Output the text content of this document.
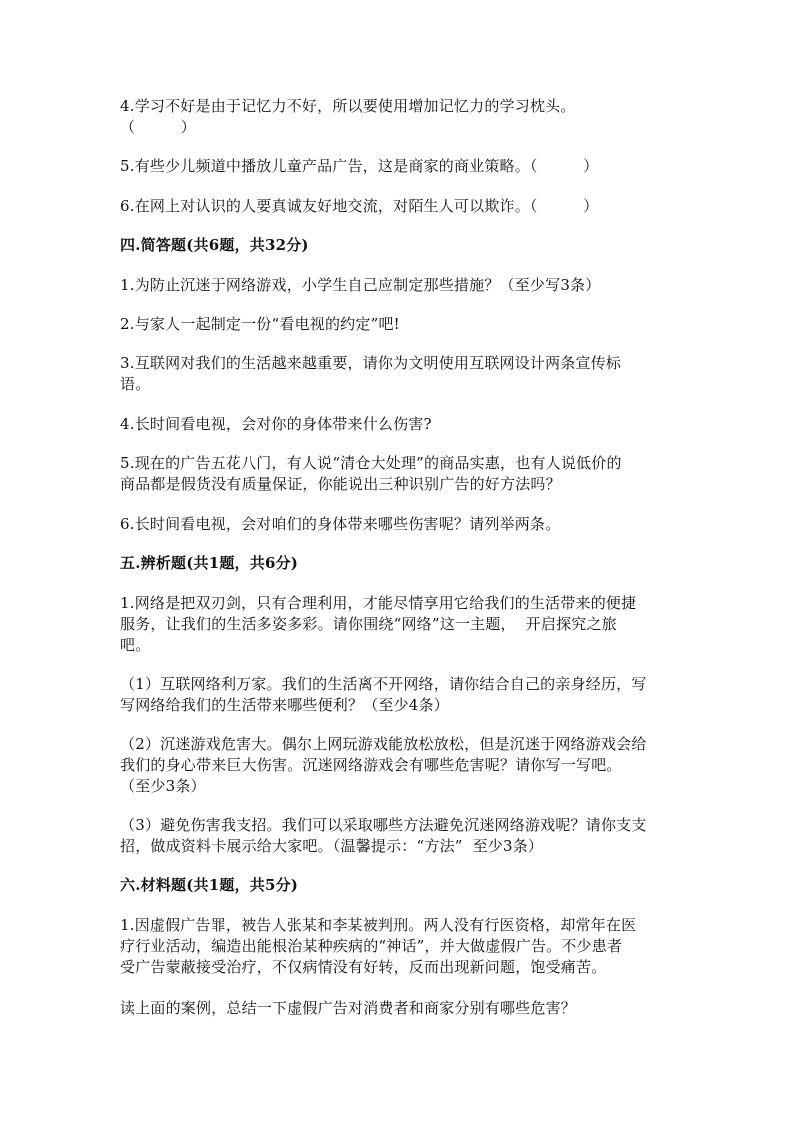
4.学习不好是由于记忆力不好，所以要使用增加记忆力的学习枕头。
（　　　）
5.有些少儿频道中播放儿童产品广告，这是商家的商业策略。（　　　）
6.在网上对认识的人要真诚友好地交流，对陌生人可以欺诈。（　　　）
四.简答题(共6题，共32分)
1.为防止沉迷于网络游戏，小学生自己应制定那些措施？（至少写3条）
2.与家人一起制定一份“看电视的约定”吧!
3.互联网对我们的生活越来越重要，请你为文明使用互联网设计两条宣传标
语。
4.长时间看电视，会对你的身体带来什么伤害?
5.现在的广告五花八门，有人说“清仓大处理”的商品实惠，也有人说低价的
商品都是假货没有质量保证，你能说出三种识别广告的好方法吗？
6.长时间看电视，会对咱们的身体带来哪些伤害呢？请列举两条。
五.辨析题(共1题，共6分)
1.网络是把双刃剑，只有合理利用，才能尽情享用它给我们的生活带来的便捷
服务，让我们的生活多姿多彩。请你围绕“网络”这一主题，  开启探究之旅
吧。
（1）互联网络利万家。我们的生活离不开网络，请你结合自己的亲身经历，写
写网络给我们的生活带来哪些便利？（至少4条）
（2）沉迷游戏危害大。偶尔上网玩游戏能放松放松，但是沉迷于网络游戏会给
我们的身心带来巨大伤害。沉迷网络游戏会有哪些危害呢？请你写一写吧。
（至少3条）
（3）避免伤害我支招。我们可以采取哪些方法避免沉迷网络游戏呢？请你支支
招，做成资料卡展示给大家吧。（温馨提示：“方法”  至少3条）
六.材料题(共1题，共5分)
1.因虚假广告罪，被告人张某和李某被判刑。两人没有行医资格，却常年在医
疗行业活动，编造出能根治某种疾病的“神话”，并大做虚假广告。不少患者
受广告蒙蔽接受治疗，不仅病情没有好转，反而出现新问题，饱受痛苦。
读上面的案例，总结一下虚假广告对消费者和商家分别有哪些危害？
